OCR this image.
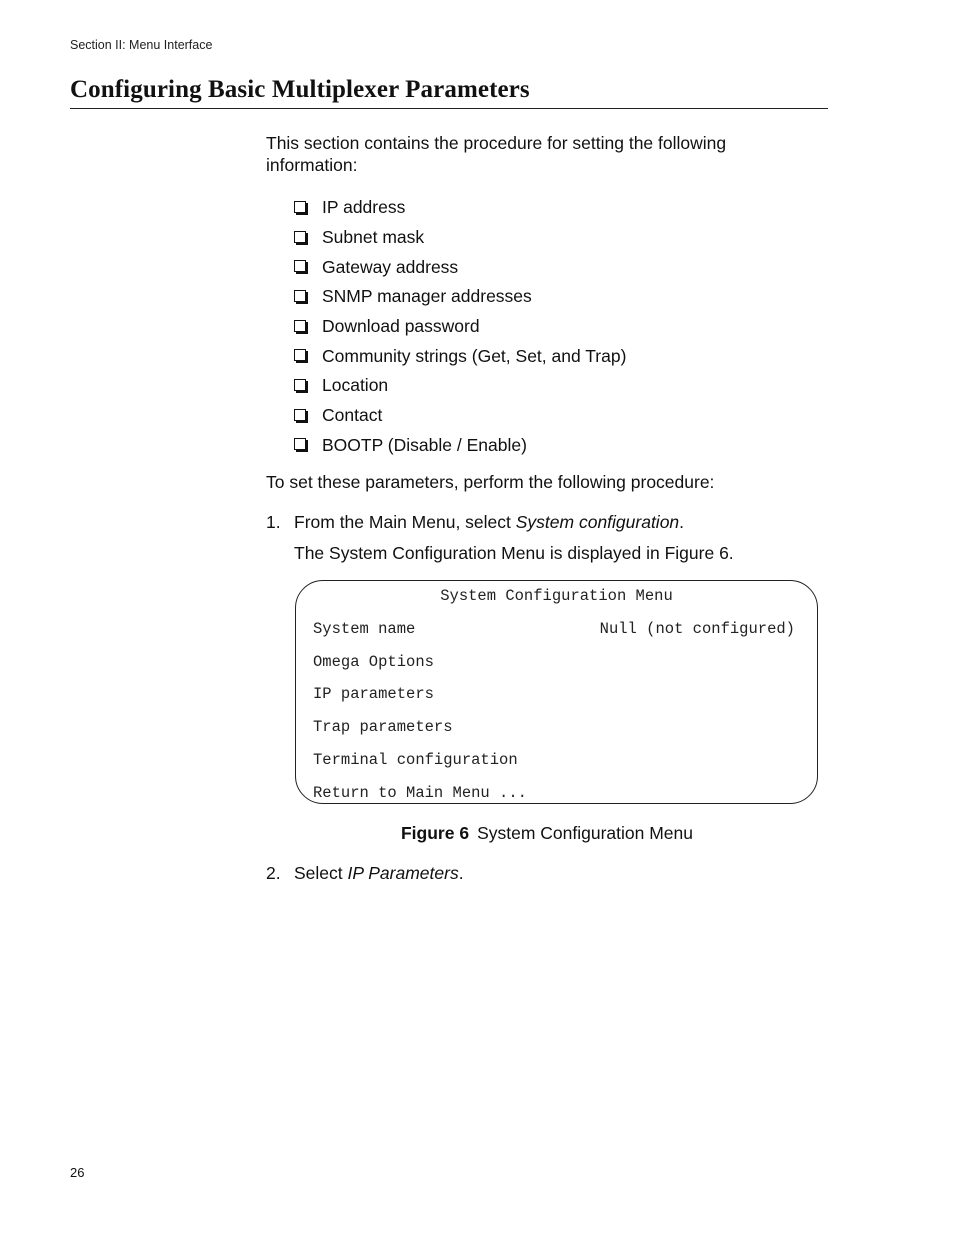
Section II: Menu Interface
Configuring Basic Multiplexer Parameters

This section contains the procedure for setting the following information:

IP address
Subnet mask
Gateway address
SNMP manager addresses
Download password
Community strings (Get, Set, and Trap)
Location
Contact
BOOTP (Disable / Enable)

To set these parameters, perform the following procedure:

1. From the Main Menu, select System configuration.

The System Configuration Menu is displayed in Figure 6.

System Configuration Menu
System name	Null (not configured)
Omega Options
IP parameters
Trap parameters
Terminal configuration
Return to Main Menu ...

Figure 6 System Configuration Menu

2. Select IP Parameters.

26
